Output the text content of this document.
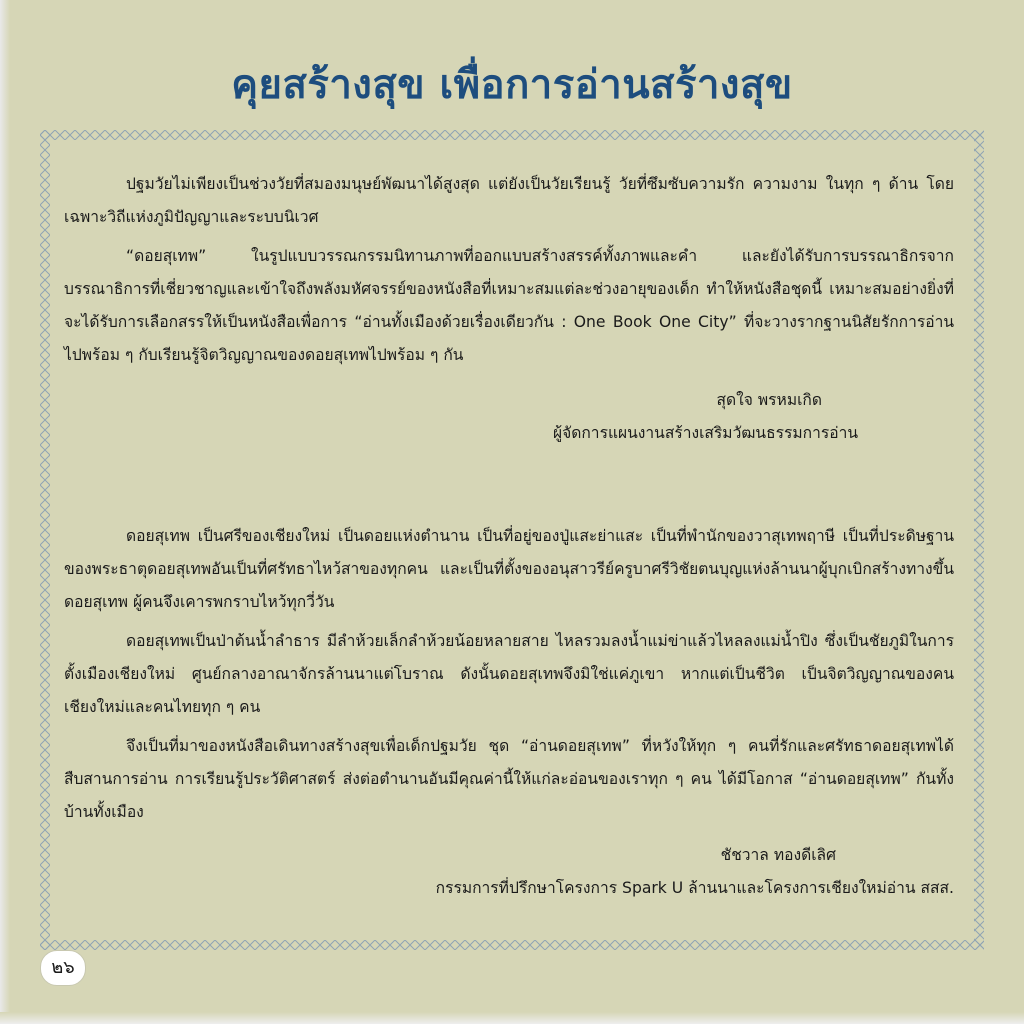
คุยสร้างสุข เพื่อการอ่านสร้างสุข

ปฐมวัยไม่เพียงเป็นช่วงวัยที่สมองมนุษย์พัฒนาได้สูงสุด แต่ยังเป็นวัยเรียนรู้ วัยที่ซึมซับความรัก ความงาม ในทุก ๆ ด้าน โดยเฉพาะวิถีแห่งภูมิปัญญาและระบบนิเวศ

“ดอยสุเทพ” ในรูปแบบวรรณกรรมนิทานภาพที่ออกแบบสร้างสรรค์ทั้งภาพและคำ และยังได้รับการบรรณาธิกรจากบรรณาธิการที่เชี่ยวชาญและเข้าใจถึงพลังมหัศจรรย์ของหนังสือที่เหมาะสมแต่ละช่วงอายุของเด็ก ทำให้หนังสือชุดนี้ เหมาะสมอย่างยิ่งที่จะได้รับการเลือกสรรให้เป็นหนังสือเพื่อการ “อ่านทั้งเมืองด้วยเรื่องเดียวกัน : One Book One City” ที่จะวางรากฐานนิสัยรักการอ่าน ไปพร้อม ๆ กับเรียนรู้จิตวิญญาณของดอยสุเทพไปพร้อม ๆ กัน

สุดใจ พรหมเกิด

ผู้จัดการแผนงานสร้างเสริมวัฒนธรรมการอ่าน

ดอยสุเทพ เป็นศรีของเชียงใหม่ เป็นดอยแห่งตำนาน เป็นที่อยู่ของปู่แสะย่าแสะ เป็นที่พำนักของวาสุเทพฤาษี เป็นที่ประดิษฐานของพระธาตุดอยสุเทพอันเป็นที่ศรัทธาไหว้สาของทุกคน และเป็นที่ตั้งของอนุสาวรีย์ครูบาศรีวิชัยตนบุญแห่งล้านนาผู้บุกเบิกสร้างทางขึ้นดอยสุเทพ ผู้คนจึงเคารพกราบไหว้ทุกวี่วัน

ดอยสุเทพเป็นป่าต้นน้ำลำธาร มีลำห้วยเล็กลำห้วยน้อยหลายสาย ไหลรวมลงน้ำแม่ข่าแล้วไหลลงแม่น้ำปิง ซึ่งเป็นชัยภูมิในการตั้งเมืองเชียงใหม่ ศูนย์กลางอาณาจักรล้านนาแต่โบราณ ดังนั้นดอยสุเทพจึงมิใช่แค่ภูเขา หากแต่เป็นชีวิต เป็นจิตวิญญาณของคนเชียงใหม่และคนไทยทุก ๆ คน

จึงเป็นที่มาของหนังสือเดินทางสร้างสุขเพื่อเด็กปฐมวัย ชุด “อ่านดอยสุเทพ” ที่หวังให้ทุก ๆ คนที่รักและศรัทธาดอยสุเทพได้สืบสานการอ่าน การเรียนรู้ประวัติศาสตร์ ส่งต่อตำนานอันมีคุณค่านี้ให้แก่ละอ่อนของเราทุก ๆ คน ได้มีโอกาส “อ่านดอยสุเทพ” กันทั้งบ้านทั้งเมือง

ชัชวาล ทองดีเลิศ

กรรมการที่ปรึกษาโครงการ Spark U ล้านนาและโครงการเชียงใหม่อ่าน สสส.

๒๖
